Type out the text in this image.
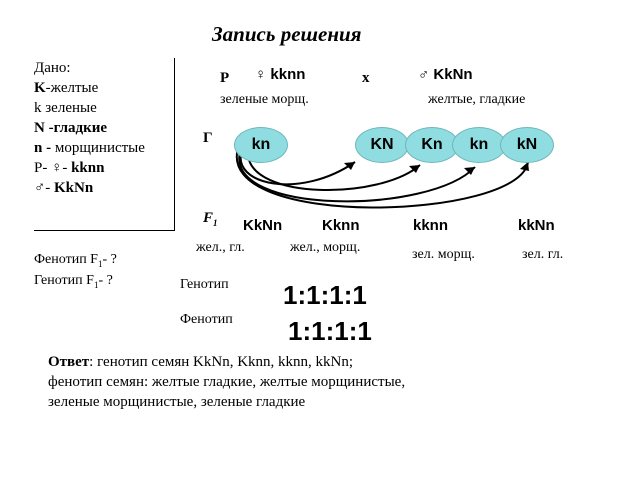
Запись решения
Дано:
K-желтые
k зеленые
N -гладкие
n - морщинистые
P- ♀- kknn
♂- KkNn
Фенотип $F_1-$ ?
Генотип $F_1-$ ?
Р ♀ kknn	x	♂ KkNn
зеленые морщ.	желтые, гладкие
Г	kn	KN	Kn	kn	kN
$F_1$ KkNn	Kknn	kknn	kkNn
жел., гл.	жел., морщ.	зел. морщ.	зел. гл.
Генотип 1:1:1:1
Фенотип 1:1:1:1
Ответ: генотип семян KkNn, Kknn, kknn, kkNn;
фенотип семян: желтые гладкие, желтые морщинистые,
зеленые морщинистые, зеленые гладкие
